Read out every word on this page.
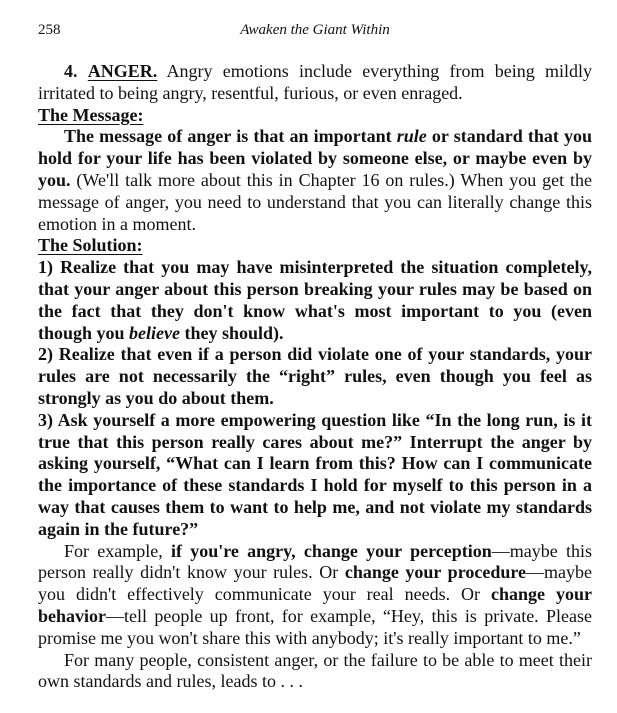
258	Awaken the Giant Within

4. ANGER. Angry emotions include everything from being mildly irritated to being angry, resentful, furious, or even enraged.

The Message:

The message of anger is that an important rule or standard that you hold for your life has been violated by someone else, or maybe even by you. (We'll talk more about this in Chapter 16 on rules.) When you get the message of anger, you need to understand that you can literally change this emotion in a moment.

The Solution:

1) Realize that you may have misinterpreted the situation completely, that your anger about this person breaking your rules may be based on the fact that they don't know what's most important to you (even though you believe they should).

2) Realize that even if a person did violate one of your standards, your rules are not necessarily the “right” rules, even though you feel as strongly as you do about them.

3) Ask yourself a more empowering question like “In the long run, is it true that this person really cares about me?” Interrupt the anger by asking yourself, “What can I learn from this? How can I communicate the importance of these standards I hold for myself to this person in a way that causes them to want to help me, and not violate my standards again in the future?”

For example, if you're angry, change your perception—maybe this person really didn't know your rules. Or change your procedure—maybe you didn't effectively communicate your real needs. Or change your behavior—tell people up front, for example, “Hey, this is private. Please promise me you won't share this with anybody; it's really important to me.”

For many people, consistent anger, or the failure to be able to meet their own standards and rules, leads to . . .
